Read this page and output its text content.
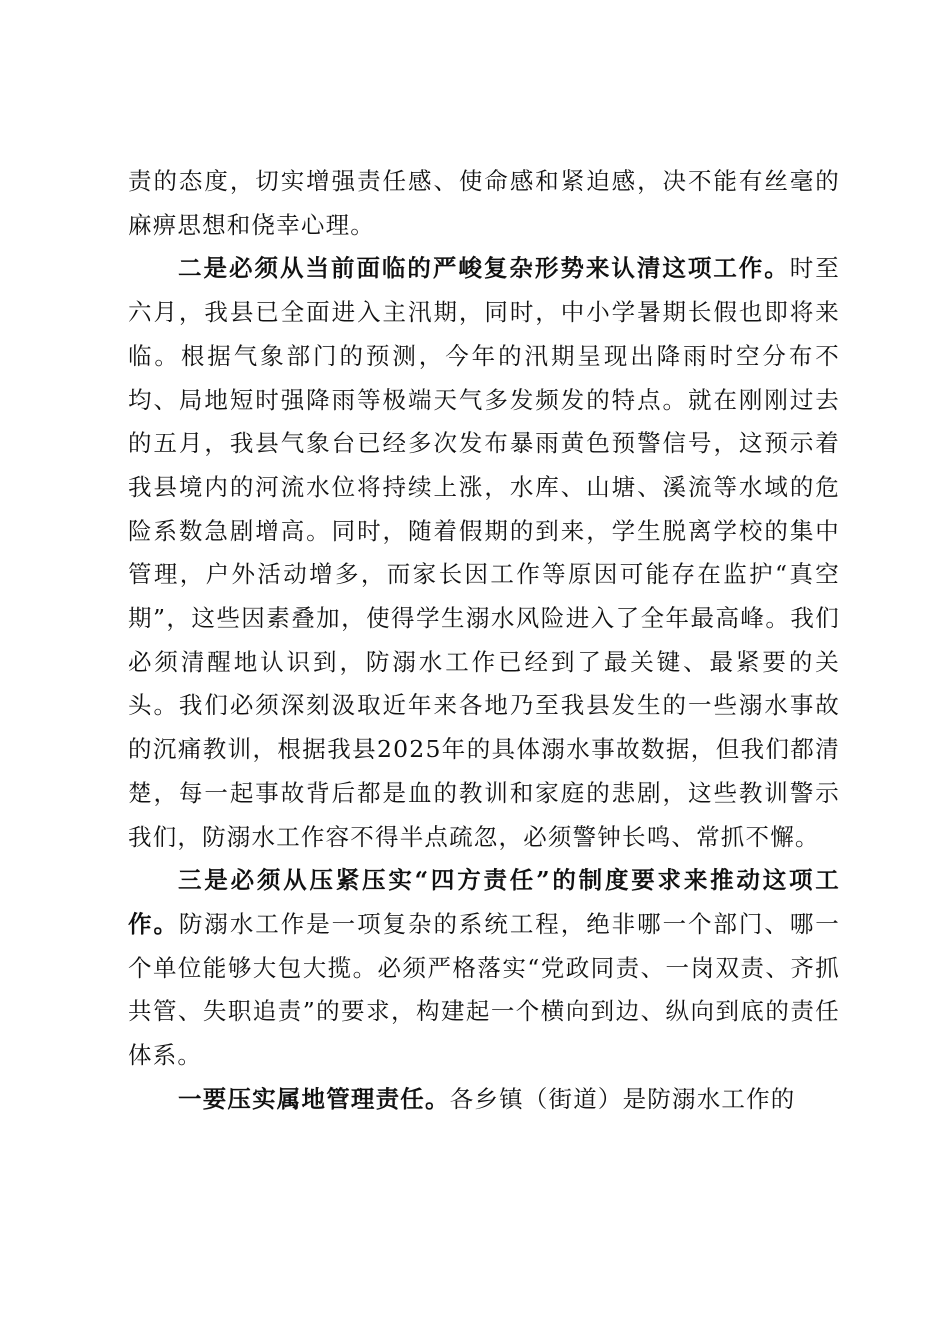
责的态度，切实增强责任感、使命感和紧迫感，决不能有丝毫的麻痹思想和侥幸心理。

二是必须从当前面临的严峻复杂形势来认清这项工作。时至六月，我县已全面进入主汛期，同时，中小学暑期长假也即将来临。根据气象部门的预测，今年的汛期呈现出降雨时空分布不均、局地短时强降雨等极端天气多发频发的特点。就在刚刚过去的五月，我县气象台已经多次发布暴雨黄色预警信号，这预示着我县境内的河流水位将持续上涨，水库、山塘、溪流等水域的危险系数急剧增高。同时，随着假期的到来，学生脱离学校的集中管理，户外活动增多，而家长因工作等原因可能存在监护“真空期”，这些因素叠加，使得学生溺水风险进入了全年最高峰。我们必须清醒地认识到，防溺水工作已经到了最关键、最紧要的关头。我们必须深刻汲取近年来各地乃至我县发生的一些溺水事故的沉痛教训，根据我县2025年的具体溺水事故数据，但我们都清楚，每一起事故背后都是血的教训和家庭的悲剧，这些教训警示我们，防溺水工作容不得半点疏忽，必须警钟长鸣、常抓不懈。

三是必须从压紧压实“四方责任”的制度要求来推动这项工作。防溺水工作是一项复杂的系统工程，绝非哪一个部门、哪一个单位能够大包大揽。必须严格落实“党政同责、一岗双责、齐抓共管、失职追责”的要求，构建起一个横向到边、纵向到底的责任体系。

一要压实属地管理责任。各乡镇（街道）是防溺水工作的
